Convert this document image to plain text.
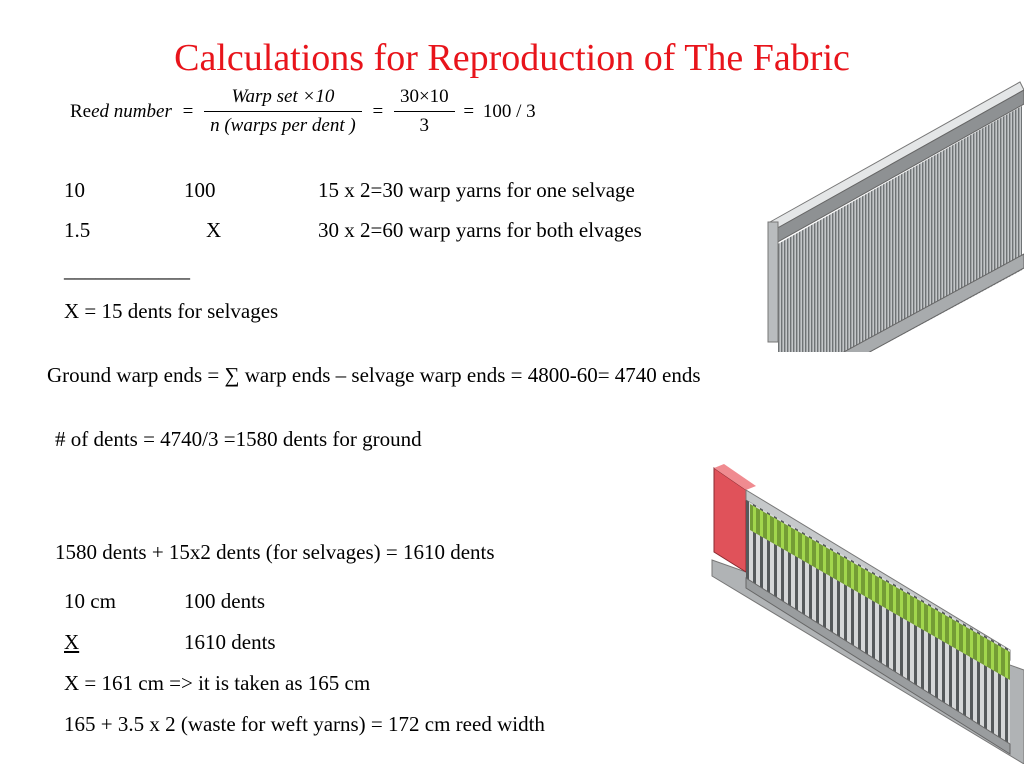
Calculations for Reproduction of The Fabric
Reed number = $\frac{\text{Warp set ×10}}{\text{n (warps per dent )}} = \frac{30\times 10}{3} = 100 / 3$
10	100	15 x 2=30 warp yarns for one selvage
1.5	X	30 x 2=60 warp yarns for both elvages
____________
X = 15 dents for selvages
Ground warp ends = ∑ warp ends – selvage warp ends = 4800-60= 4740 ends
# of dents = 4740/3 =1580 dents for ground
1580 dents + 15x2 dents (for selvages) = 1610 dents
10 cm	100 dents
X	1610 dents
X = 161 cm => it is taken as 165 cm
165 + 3.5 x 2 (waste for weft yarns) = 172 cm reed width
